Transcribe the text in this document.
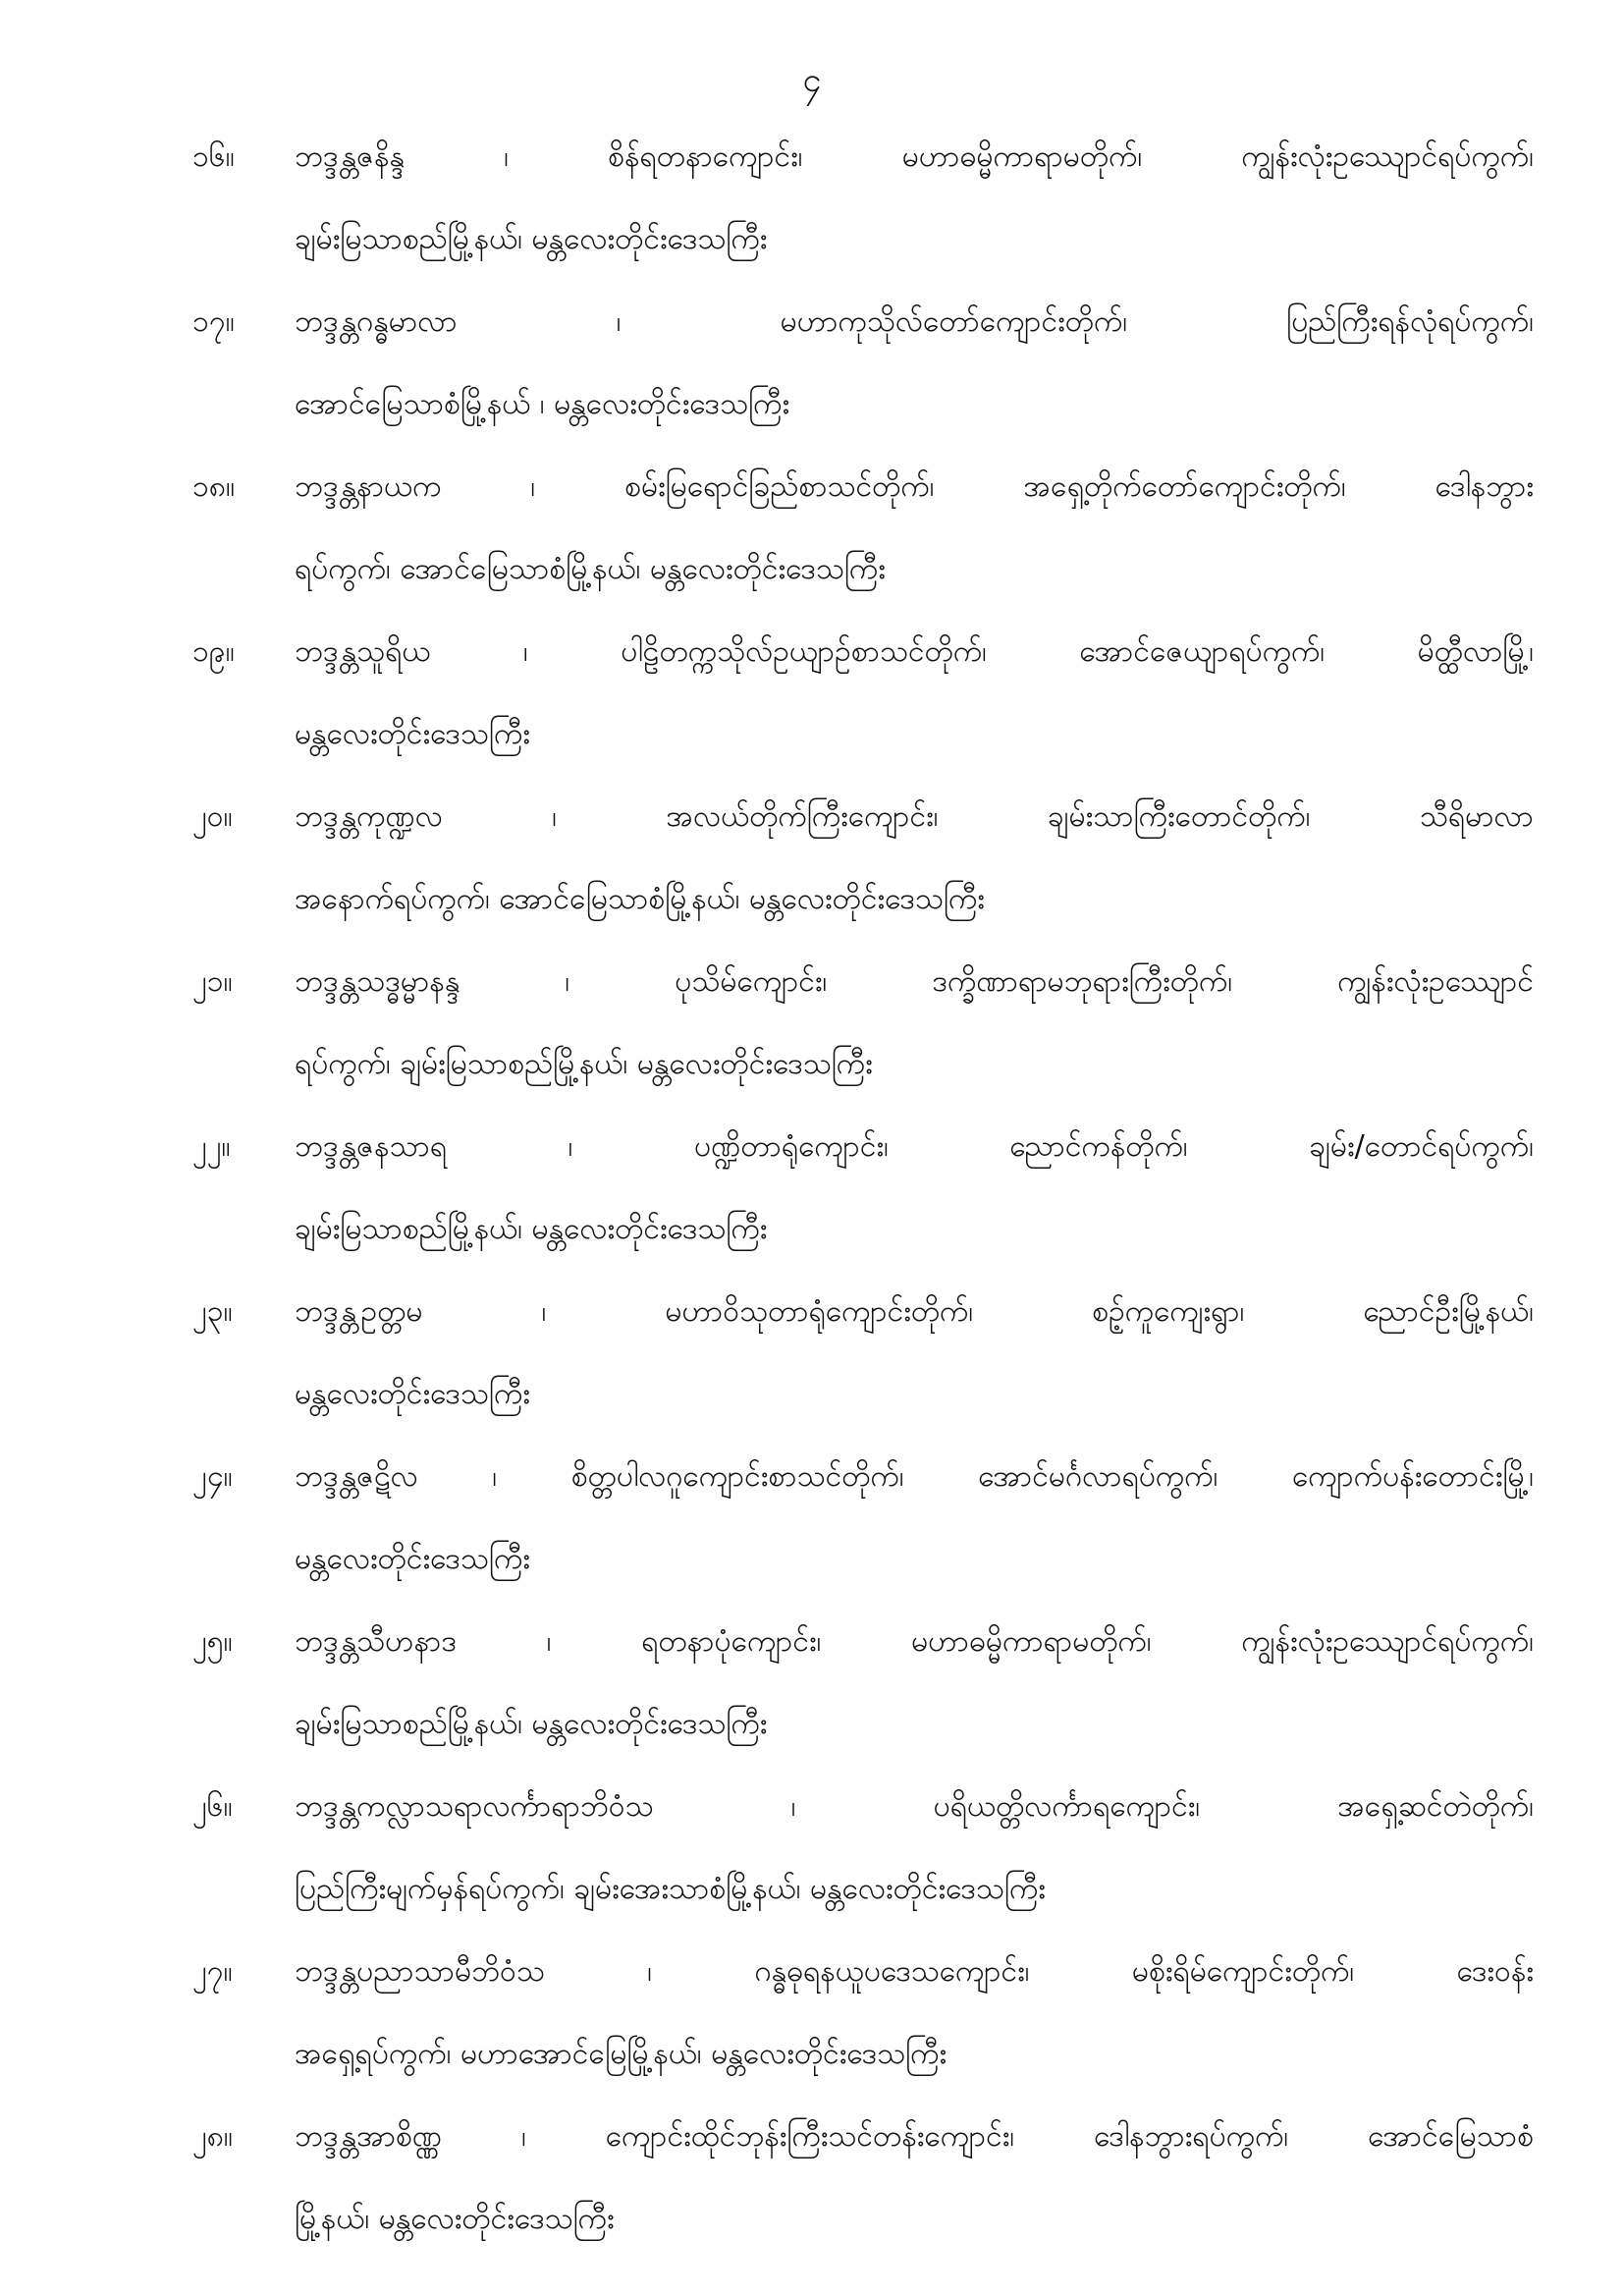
၄
၁၆။	ဘဒ္ဒန္တဇနိန္ဒ ၊ စိန်ရတနာကျောင်း၊ မဟာဓမ္မိကာရာမတိုက်၊ ကျွန်းလုံးဥဿျောင်ရပ်ကွက်၊
ချမ်းမြသာစည်မြို့နယ်၊ မန္တလေးတိုင်းဒေသကြီး
၁၇။	ဘဒ္ဒန္တဂန္ဓမာလာ ၊ မဟာကုသိုလ်တော်ကျောင်းတိုက်၊ ပြည်ကြီးရန်လုံရပ်ကွက်၊
အောင်မြေသာစံမြို့နယ် ၊ မန္တလေးတိုင်းဒေသကြီး
၁၈။	ဘဒ္ဒန္တနာယက ၊ စမ်းမြရောင်ခြည်စာသင်တိုက်၊ အရှေ့တိုက်တော်ကျောင်းတိုက်၊ ဒေါနဘွား
ရပ်ကွက်၊ အောင်မြေသာစံမြို့နယ်၊ မန္တလေးတိုင်းဒေသကြီး
၁၉။	ဘဒ္ဒန္တသူရိယ ၊ ပါဠိတက္ကသိုလ်ဥယျာဥ်စာသင်တိုက်၊ အောင်ဇေယျာရပ်ကွက်၊ မိတ္ထီလာမြို့၊
မန္တလေးတိုင်းဒေသကြီး
၂၀။	ဘဒ္ဒန္တကုဏ္ဍလ ၊ အလယ်တိုက်ကြီးကျောင်း၊ ချမ်းသာကြီးတောင်တိုက်၊ သီရိမာလာ
အနောက်ရပ်ကွက်၊ အောင်မြေသာစံမြို့နယ်၊ မန္တလေးတိုင်းဒေသကြီး
၂၁။	ဘဒ္ဒန္တသဒ္ဓမ္မာနန္ဒ ၊ ပုသိမ်ကျောင်း၊ ဒက္ခိဏာရာမဘုရားကြီးတိုက်၊ ကျွန်းလုံးဥဿျောင်
ရပ်ကွက်၊ ချမ်းမြသာစည်မြို့နယ်၊ မန္တလေးတိုင်းဒေသကြီး
၂၂။	ဘဒ္ဒန္တဇနသာရ ၊ ပဏ္ဍိတာရုံကျောင်း၊ ညောင်ကန်တိုက်၊ ချမ်း/တောင်ရပ်ကွက်၊
ချမ်းမြသာစည်မြို့နယ်၊ မန္တလေးတိုင်းဒေသကြီး
၂၃။	ဘဒ္ဒန္တဥတ္တမ ၊ မဟာဝိသုတာရုံကျောင်းတိုက်၊ စဥ့်ကူကျေးရွာ၊ ညောင်ဦးမြို့နယ်၊
မန္တလေးတိုင်းဒေသကြီး
၂၄။	ဘဒ္ဒန္တဇဋိလ ၊ စိတ္တပါလဂူကျောင်းစာသင်တိုက်၊ အောင်မင်္ဂလာရပ်ကွက်၊ ကျောက်ပန်းတောင်းမြို့၊
မန္တလေးတိုင်းဒေသကြီး
၂၅။	ဘဒ္ဒန္တသီဟနာဒ ၊ ရတနာပုံကျောင်း၊ မဟာဓမ္မိကာရာမတိုက်၊ ကျွန်းလုံးဥဿျောင်ရပ်ကွက်၊
ချမ်းမြသာစည်မြို့နယ်၊ မန္တလေးတိုင်းဒေသကြီး
၂၆။	ဘဒ္ဒန္တကလ္လာသရာလင်္ကာရာဘိဝံသ ၊ ပရိယတ္တိလင်္ကာရကျောင်း၊ အရှေ့ဆင်တဲတိုက်၊
ပြည်ကြီးမျက်မှန်ရပ်ကွက်၊ ချမ်းအေးသာစံမြို့နယ်၊ မန္တလေးတိုင်းဒေသကြီး
၂၇။	ဘဒ္ဒန္တပညာသာမီဘိဝံသ ၊ ဂန္ဓဓုရနယူပဒေသကျောင်း၊ မစိုးရိမ်ကျောင်းတိုက်၊ ဒေးဝန်း
အရှေ့ရပ်ကွက်၊ မဟာအောင်မြေမြို့နယ်၊ မန္တလေးတိုင်းဒေသကြီး
၂၈။	ဘဒ္ဒန္တအာစိဏ္ဏ ၊ ကျောင်းထိုင်ဘုန်းကြီးသင်တန်းကျောင်း၊ ဒေါနဘွားရပ်ကွက်၊ အောင်မြေသာစံ
မြို့နယ်၊ မန္တလေးတိုင်းဒေသကြီး
